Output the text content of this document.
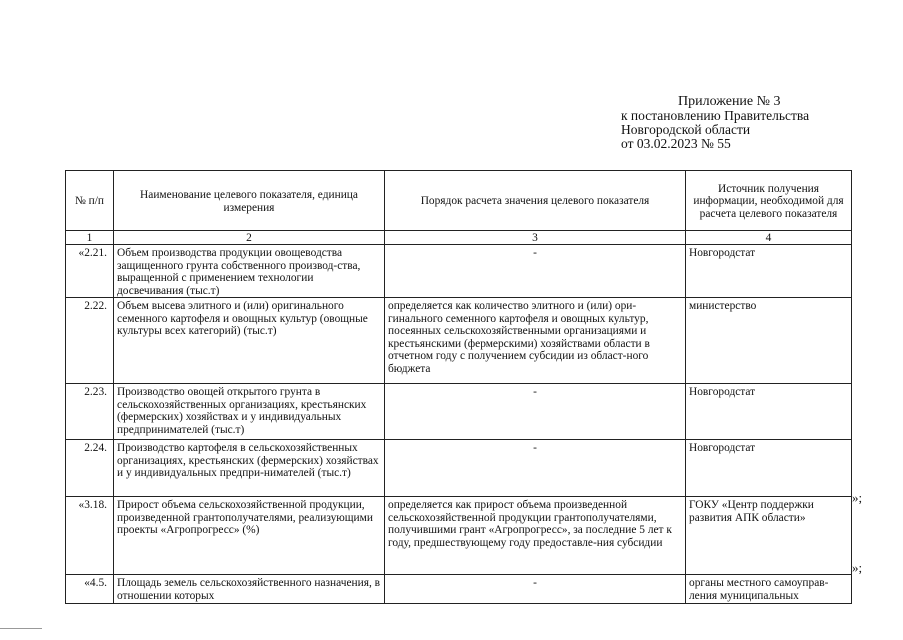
Приложение № 3
к постановлению Правительства
Новгородской области
от 03.02.2023 № 55
№ п/п	Наименование целевого показателя, единица измерения	Порядок расчета значения целевого показателя	Источник получения информации, необходимой для расчета целевого показателя
1	2	3	4
«2.21.	Объем производства продукции овощеводства защищенного грунта собственного производ-ства, выращенной с применением технологии досвечивания (тыс.т)	-	Новгородстат
2.22.	Объем высева элитного и (или) оригинального семенного картофеля и овощных культур (овощные культуры всех категорий) (тыс.т)	определяется как количество элитного и (или) ори-гинального семенного картофеля и овощных культур, посеянных сельскохозяйственными организациями и крестьянскими (фермерскими) хозяйствами области в отчетном году с получением субсидии из област-ного бюджета	министерство
2.23.	Производство овощей открытого грунта в сельскохозяйственных организациях, крестьянских (фермерских) хозяйствах и у индивидуальных предпринимателей (тыс.т)	-	Новгородстат
2.24.	Производство картофеля в сельскохозяйственных организациях, крестьянских (фермерских) хозяйствах и у индивидуальных предпри-нимателей (тыс.т)	-	Новгородстат
«3.18.	Прирост объема сельскохозяйственной продукции, произведенной грантополучателями, реализующими проекты «Агропрогресс» (%)	определяется как прирост объема произведенной сельскохозяйственной продукции грантополучателями, получившими грант «Агропрогресс», за последние 5 лет к году, предшествующему году предоставле-ния субсидии	ГОКУ «Центр поддержки развития АПК области»
«4.5.	Площадь земель сельскохозяйственного назначения, в отношении которых	-	органы местного самоуправ-ления муниципальных
»;
»;
